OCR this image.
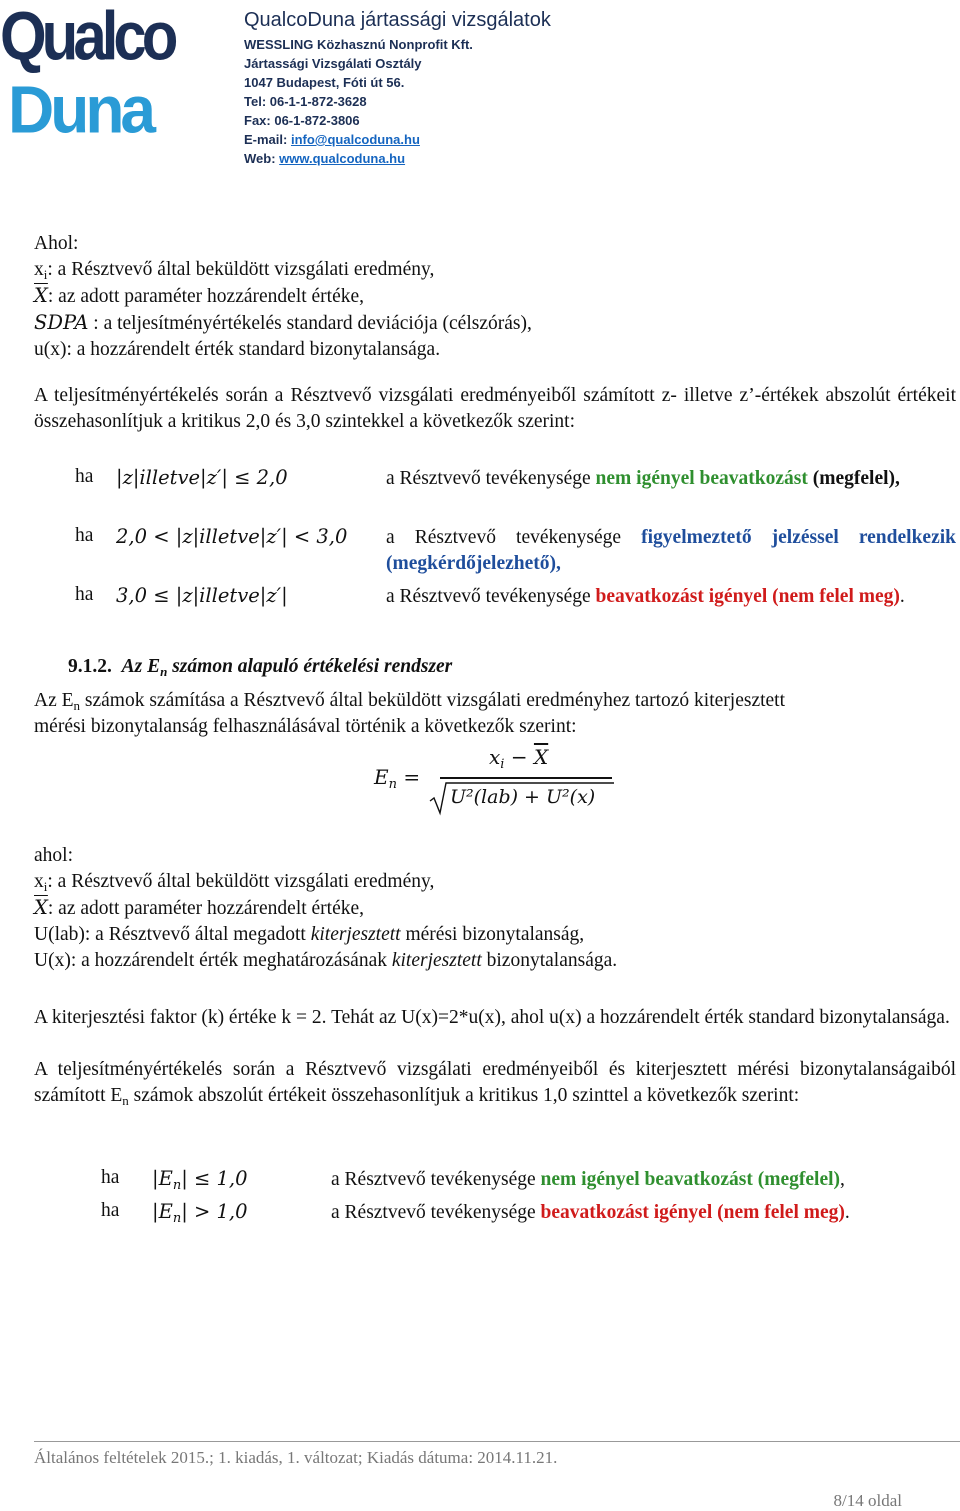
Qualco
Duna
QualcoDuna jártassági vizsgálatok
WESSLING Közhasznú Nonprofit Kft.
Jártassági Vizsgálati Osztály
1047 Budapest, Fóti út 56.
Tel: 06-1-1-872-3628
Fax: 06-1-872-3806
E-mail: info@qualcoduna.hu
Web: www.qualcoduna.hu
Ahol:
$x_i$: a Résztvevő által beküldött vizsgálati eredmény,
$\overline{X}$: az adott paraméter hozzárendelt értéke,
SDPA : a teljesítményértékelés standard deviációja (célszórás),
u(x): a hozzárendelt érték standard bizonytalansága.
A teljesítményértékelés során a Résztvevő vizsgálati eredményeiből számított z- illetve z’-értékek abszolút értékeit összehasonlítjuk a kritikus 2,0 és 3,0 szintekkel a következők szerint:
ha |z|illetve|z′| ≤ 2,0	a Résztvevő tevékenysége nem igényel beavatkozást (megfelel),
ha 2,0 < |z|illetve|z′| < 3,0 a Résztvevő tevékenysége figyelmeztető jelzéssel rendelkezik (megkérdőjelezhető),
ha 3,0 ≤ |z|illetve|z′|	a Résztvevő tevékenysége beavatkozást igényel (nem felel meg).
9.1.2. Az $E_n$ számon alapuló értékelési rendszer
Az $E_n$ számok számítása a Résztvevő által beküldött vizsgálati eredményhez tartozó kiterjesztett
mérési bizonytalanság felhasználásával történik a következők szerint:
$E_n$ =
$x_i - \overline{X}$
U²(lab) + U²(x)
ahol:
$x_i$: a Résztvevő által beküldött vizsgálati eredmény,
$\overline{X}$: az adott paraméter hozzárendelt értéke,
U(lab): a Résztvevő által megadott kiterjesztett mérési bizonytalanság,
U(x): a hozzárendelt érték meghatározásának kiterjesztett bizonytalansága.
A kiterjesztési faktor (k) értéke k = 2. Tehát az U(x)=2*u(x), ahol u(x) a hozzárendelt érték standard bizonytalansága.
A teljesítményértékelés során a Résztvevő vizsgálati eredményeiből és kiterjesztett mérési bizonytalanságaiból számított $E_n$ számok abszolút értékeit összehasonlítjuk a kritikus 1,0 szinttel a következők szerint:
ha $|E_n| \le 1,0$	a Résztvevő tevékenysége nem igényel beavatkozást (megfelel),
ha $|E_n| > 1,0$	a Résztvevő tevékenysége beavatkozást igényel (nem felel meg).
Általános feltételek 2015.; 1. kiadás, 1. változat; Kiadás dátuma: 2014.11.21.
8/14 oldal
